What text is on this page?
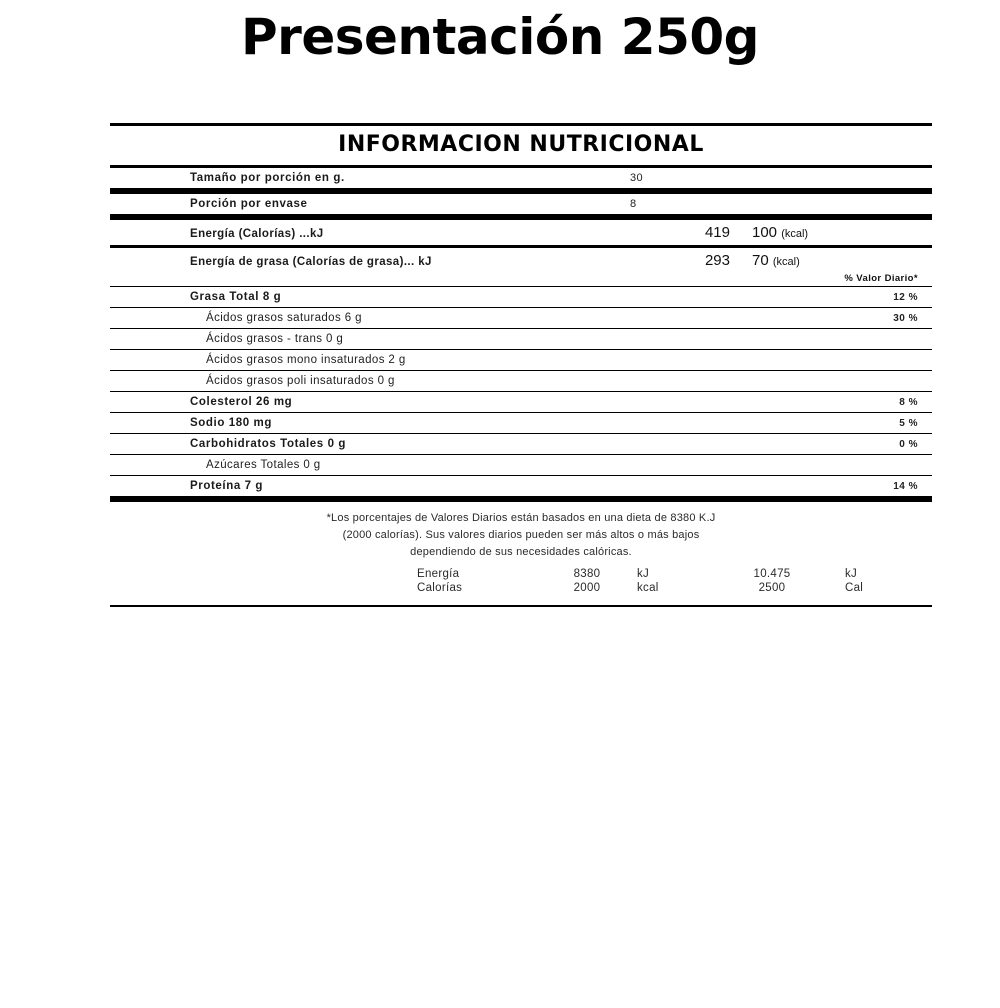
Presentación 250g
INFORMACION NUTRICIONAL
Tamaño por porción en g.	30
Porción por envase	8
Energía (Calorías) ...kJ	419	100 (kcal)
Energía de grasa (Calorías de grasa)... kJ	293	70 (kcal)
% Valor Diario*
Grasa Total 8 g	12 %
Ácidos grasos saturados 6 g	30 %
Ácidos grasos - trans 0 g
Ácidos grasos mono insaturados 2 g
Ácidos grasos poli insaturados 0 g
Colesterol 26 mg	8 %
Sodio 180 mg	5 %
Carbohidratos Totales 0 g	0 %
Azúcares Totales 0 g
Proteína 7 g	14 %
*Los porcentajes de Valores Diarios están basados en una dieta de 8380 K.J
(2000 calorías). Sus valores diarios pueden ser más altos o más bajos
dependiendo de sus necesidades calóricas.
Energía	8380	kJ	10.475	kJ
Calorías	2000	kcal	2500	Cal
